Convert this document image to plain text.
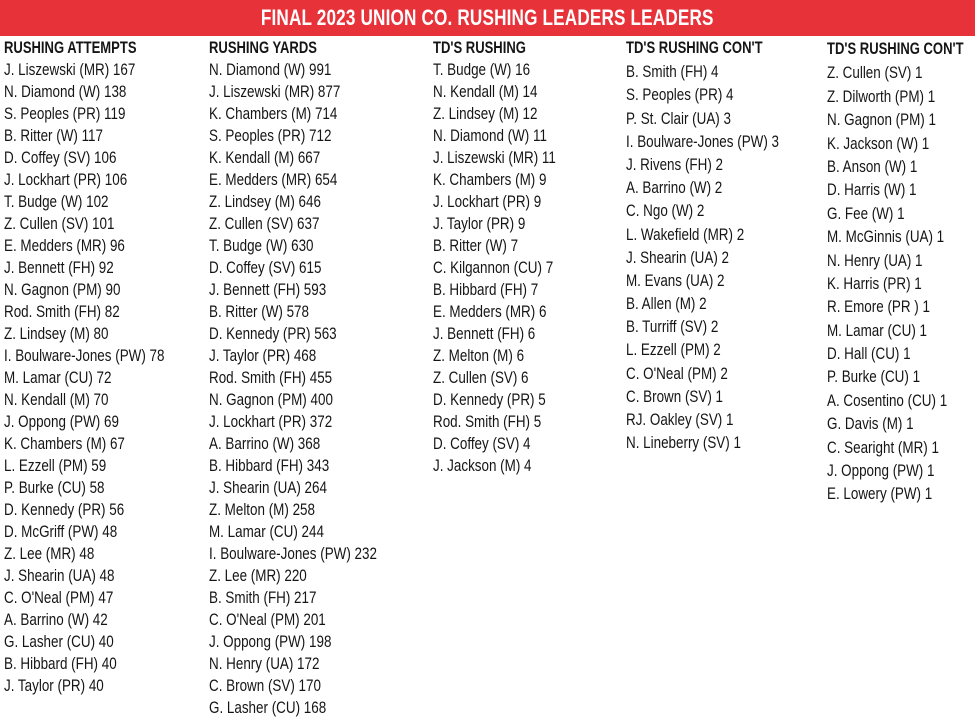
FINAL 2023 UNION CO. RUSHING LEADERS LEADERS
RUSHING ATTEMPTS
J. Liszewski (MR) 167
N. Diamond (W) 138
S. Peoples (PR) 119
B. Ritter (W) 117
D. Coffey (SV) 106
J. Lockhart (PR) 106
T. Budge (W) 102
Z. Cullen (SV) 101
E. Medders (MR) 96
J. Bennett (FH) 92
N. Gagnon (PM) 90
Rod. Smith (FH) 82
Z. Lindsey (M) 80
I. Boulware-Jones (PW) 78
M. Lamar (CU) 72
N. Kendall (M) 70
J. Oppong (PW) 69
K. Chambers (M) 67
L. Ezzell (PM) 59
P. Burke (CU) 58
D. Kennedy (PR) 56
D. McGriff (PW) 48
Z. Lee (MR) 48
J. Shearin (UA) 48
C. O'Neal (PM) 47
A. Barrino (W) 42
G. Lasher (CU) 40
B. Hibbard (FH) 40
J. Taylor (PR) 40
RUSHING YARDS
N. Diamond (W) 991
J. Liszewski (MR) 877
K. Chambers (M) 714
S. Peoples (PR) 712
K. Kendall (M) 667
E. Medders (MR) 654
Z. Lindsey (M) 646
Z. Cullen (SV) 637
T. Budge (W) 630
D. Coffey (SV) 615
J. Bennett (FH) 593
B. Ritter (W) 578
D. Kennedy (PR) 563
J. Taylor (PR) 468
Rod. Smith (FH) 455
N. Gagnon (PM) 400
J. Lockhart (PR) 372
A. Barrino (W) 368
B. Hibbard (FH) 343
J. Shearin (UA) 264
Z. Melton (M) 258
M. Lamar (CU) 244
I. Boulware-Jones (PW) 232
Z. Lee (MR) 220
B. Smith (FH) 217
C. O'Neal (PM) 201
J. Oppong (PW) 198
N. Henry (UA) 172
C. Brown (SV) 170
G. Lasher (CU) 168
TD'S RUSHING
T. Budge (W) 16
N. Kendall (M) 14
Z. Lindsey (M) 12
N. Diamond (W) 11
J. Liszewski (MR) 11
K. Chambers (M) 9
J. Lockhart (PR) 9
J. Taylor (PR) 9
B. Ritter (W) 7
C. Kilgannon (CU) 7
B. Hibbard (FH) 7
E. Medders (MR) 6
J. Bennett (FH) 6
Z. Melton (M) 6
Z. Cullen (SV) 6
D. Kennedy (PR) 5
Rod. Smith (FH) 5
D. Coffey (SV) 4
J. Jackson (M) 4
TD'S RUSHING CON'T
B. Smith (FH) 4
S. Peoples (PR) 4
P. St. Clair (UA) 3
I. Boulware-Jones (PW) 3
J. Rivens (FH) 2
A. Barrino (W) 2
C. Ngo (W) 2
L. Wakefield (MR) 2
J. Shearin (UA) 2
M. Evans (UA) 2
B. Allen (M) 2
B. Turriff (SV) 2
L. Ezzell (PM) 2
C. O'Neal (PM) 2
C. Brown (SV) 1
RJ. Oakley (SV) 1
N. Lineberry (SV) 1
TD'S RUSHING CON'T
Z. Cullen (SV) 1
Z. Dilworth (PM) 1
N. Gagnon (PM) 1
K. Jackson (W) 1
B. Anson (W) 1
D. Harris (W) 1
G. Fee (W) 1
M. McGinnis (UA) 1
N. Henry (UA) 1
K. Harris (PR) 1
R. Emore (PR ) 1
M. Lamar (CU) 1
D. Hall (CU) 1
P. Burke (CU) 1
A. Cosentino (CU) 1
G. Davis (M) 1
C. Searight (MR) 1
J. Oppong (PW) 1
E. Lowery (PW) 1
